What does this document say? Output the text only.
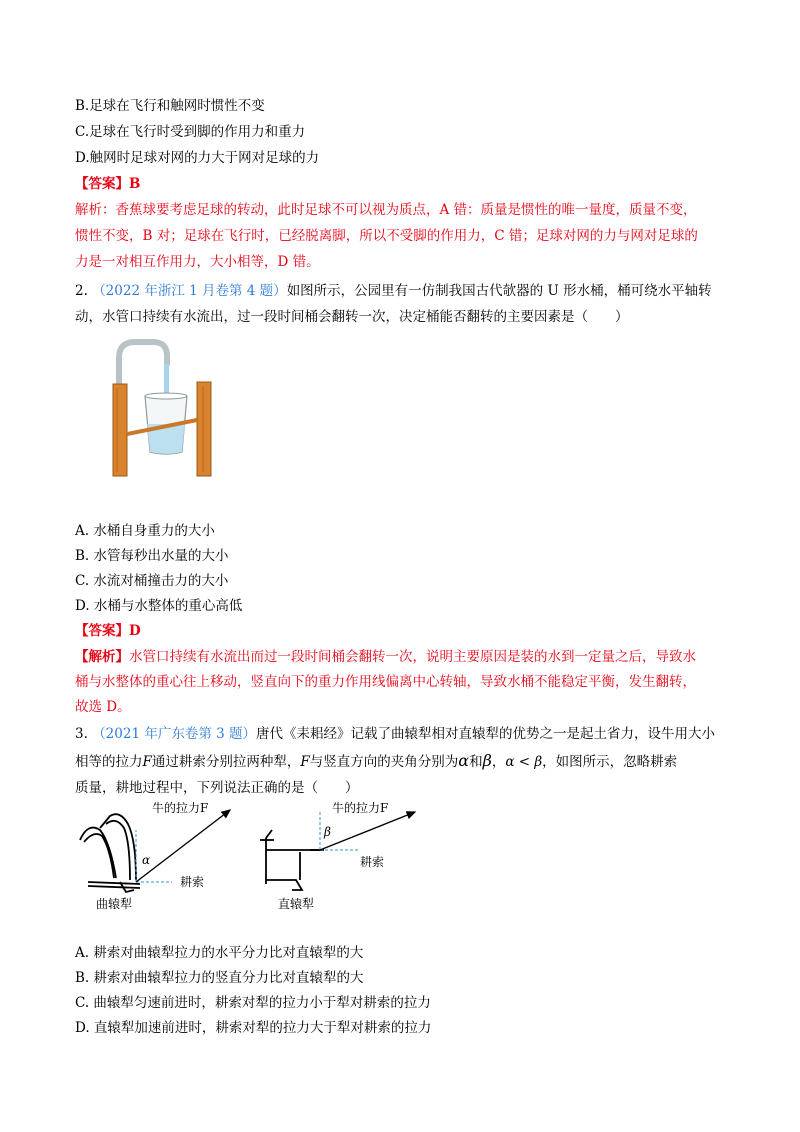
B.足球在飞行和触网时惯性不变
C.足球在飞行时受到脚的作用力和重力
D.触网时足球对网的力大于网对足球的力
【答案】B
解析：香蕉球要考虑足球的转动，此时足球不可以视为质点，A 错：质量是惯性的唯一量度，质量不变，
惯性不变，B 对；足球在飞行时，已经脱离脚，所以不受脚的作用力，C 错；足球对网的力与网对足球的
力是一对相互作用力，大小相等，D 错。
2. （2022 年浙江 1 月卷第 4 题）如图所示，公园里有一仿制我国古代欹器的 U 形水桶，桶可绕水平轴转
动，水管口持续有水流出，过一段时间桶会翻转一次，决定桶能否翻转的主要因素是（　　）
A. 水桶自身重力的大小
B. 水管每秒出水量的大小
C. 水流对桶撞击力的大小
D. 水桶与水整体的重心高低
【答案】D
【解析】水管口持续有水流出而过一段时间桶会翻转一次，说明主要原因是装的水到一定量之后，导致水
桶与水整体的重心往上移动，竖直向下的重力作用线偏离中心转轴，导致水桶不能稳定平衡，发生翻转，
故选 D。
3. （2021 年广东卷第 3 题）唐代《耒耜经》记载了曲辕犁相对直辕犁的优势之一是起土省力，设牛用大小
相等的拉力F通过耕索分别拉两种犁，F与竖直方向的夹角分别为α和β，α < β，如图所示，忽略耕索
质量，耕地过程中，下列说法正确的是（　　）
牛的拉力F
α
耕索
曲辕犁
牛的拉力F
β
耕索
直辕犁
A. 耕索对曲辕犁拉力的水平分力比对直辕犁的大
B. 耕索对曲辕犁拉力的竖直分力比对直辕犁的大
C. 曲辕犁匀速前进时，耕索对犁的拉力小于犁对耕索的拉力
D. 直辕犁加速前进时，耕索对犁的拉力大于犁对耕索的拉力
